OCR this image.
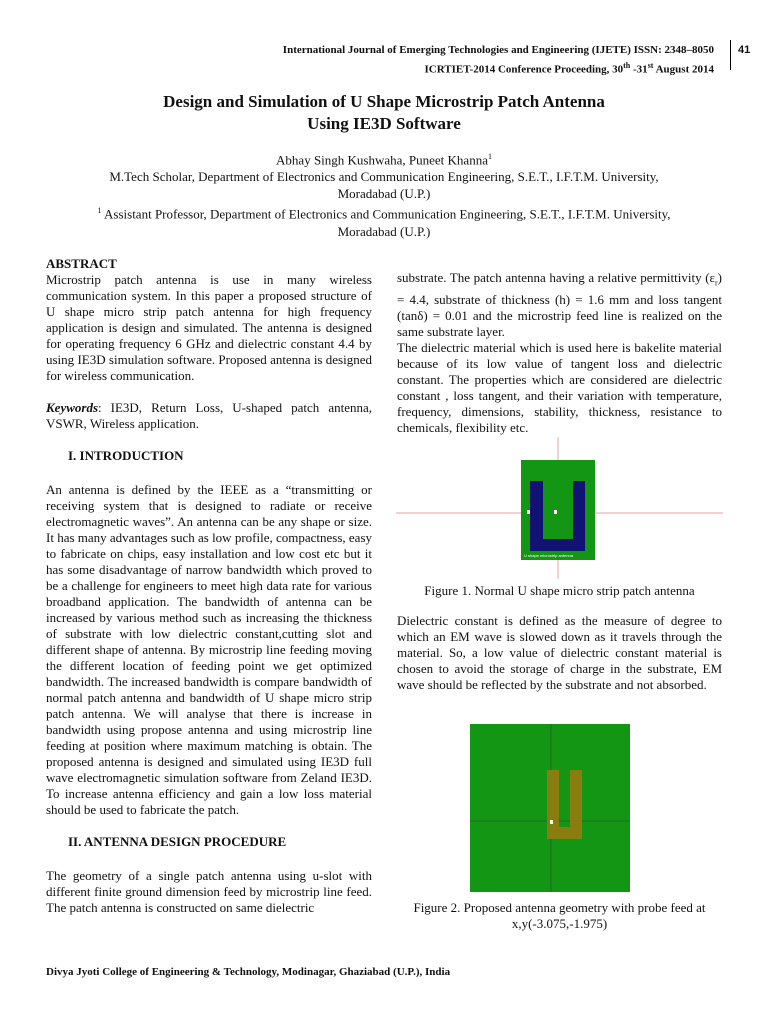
International Journal of Emerging Technologies and Engineering (IJETE) ISSN: 2348–8050
ICRTIET-2014 Conference Proceeding, 30th -31st August 2014
41
Design and Simulation of U Shape Microstrip Patch Antenna
Using IE3D Software
Abhay Singh Kushwaha, Puneet Khanna$^1$
M.Tech Scholar, Department of Electronics and Communication Engineering, S.E.T., I.F.T.M. University,
Moradabad (U.P.)
$^1$ Assistant Professor, Department of Electronics and Communication Engineering, S.E.T., I.F.T.M. University,
Moradabad (U.P.)
ABSTRACT

Microstrip patch antenna is use in many wireless communication system. In this paper a proposed structure of U shape micro strip patch antenna for high frequency application is design and simulated. The antenna is designed for operating frequency 6 GHz and dielectric constant 4.4 by using IE3D simulation software. Proposed antenna is designed for wireless communication.

Keywords: IE3D, Return Loss, U-shaped patch antenna, VSWR, Wireless application.

I. INTRODUCTION

An antenna is defined by the IEEE as a “transmitting or receiving system that is designed to radiate or receive electromagnetic waves”. An antenna can be any shape or size. It has many advantages such as low profile, compactness, easy to fabricate on chips, easy installation and low cost etc but it has some disadvantage of narrow bandwidth which proved to be a challenge for engineers to meet high data rate for various broadband application. The bandwidth of antenna can be increased by various method such as increasing the thickness of substrate with low dielectric constant,cutting slot and different shape of antenna. By microstrip line feeding moving the different location of feeding point we get optimized bandwidth. The increased bandwidth is compare bandwidth of normal patch antenna and bandwidth of U shape micro strip patch antenna. We will analyse that there is increase in bandwidth using propose antenna and using microstrip line feeding at position where maximum matching is obtain. The proposed antenna is designed and simulated using IE3D full wave electromagnetic simulation software from Zeland IE3D. To increase antenna efficiency and gain a low loss material should be used to fabricate the patch.

II. ANTENNA DESIGN PROCEDURE

The geometry of a single patch antenna using u-slot with different finite ground dimension feed by microstrip line feed. The patch antenna is constructed on same dielectric

substrate. The patch antenna having a relative permittivity $(\varepsilon_r) = 4.4$, substrate of thickness (h) = 1.6 mm and loss tangent (tanδ) = 0.01 and the microstrip feed line is realized on the same substrate layer.

The dielectric material which is used here is bakelite material because of its low value of tangent loss and dielectric constant. The properties which are considered are dielectric constant , loss tangent, and their variation with temperature, frequency, dimensions, stability, thickness, resistance to chemicals, flexibility etc.

U shape microstrip antenna
Figure 1. Normal U shape micro strip patch antenna

Dielectric constant is defined as the measure of degree to which an EM wave is slowed down as it travels through the material. So, a low value of dielectric constant material is chosen to avoid the storage of charge in the substrate, EM wave should be reflected by the substrate and not absorbed.

Figure 2. Proposed antenna geometry with probe feed at
x,y(-3.075,-1.975)
Divya Jyoti College of Engineering & Technology, Modinagar, Ghaziabad (U.P.), India
